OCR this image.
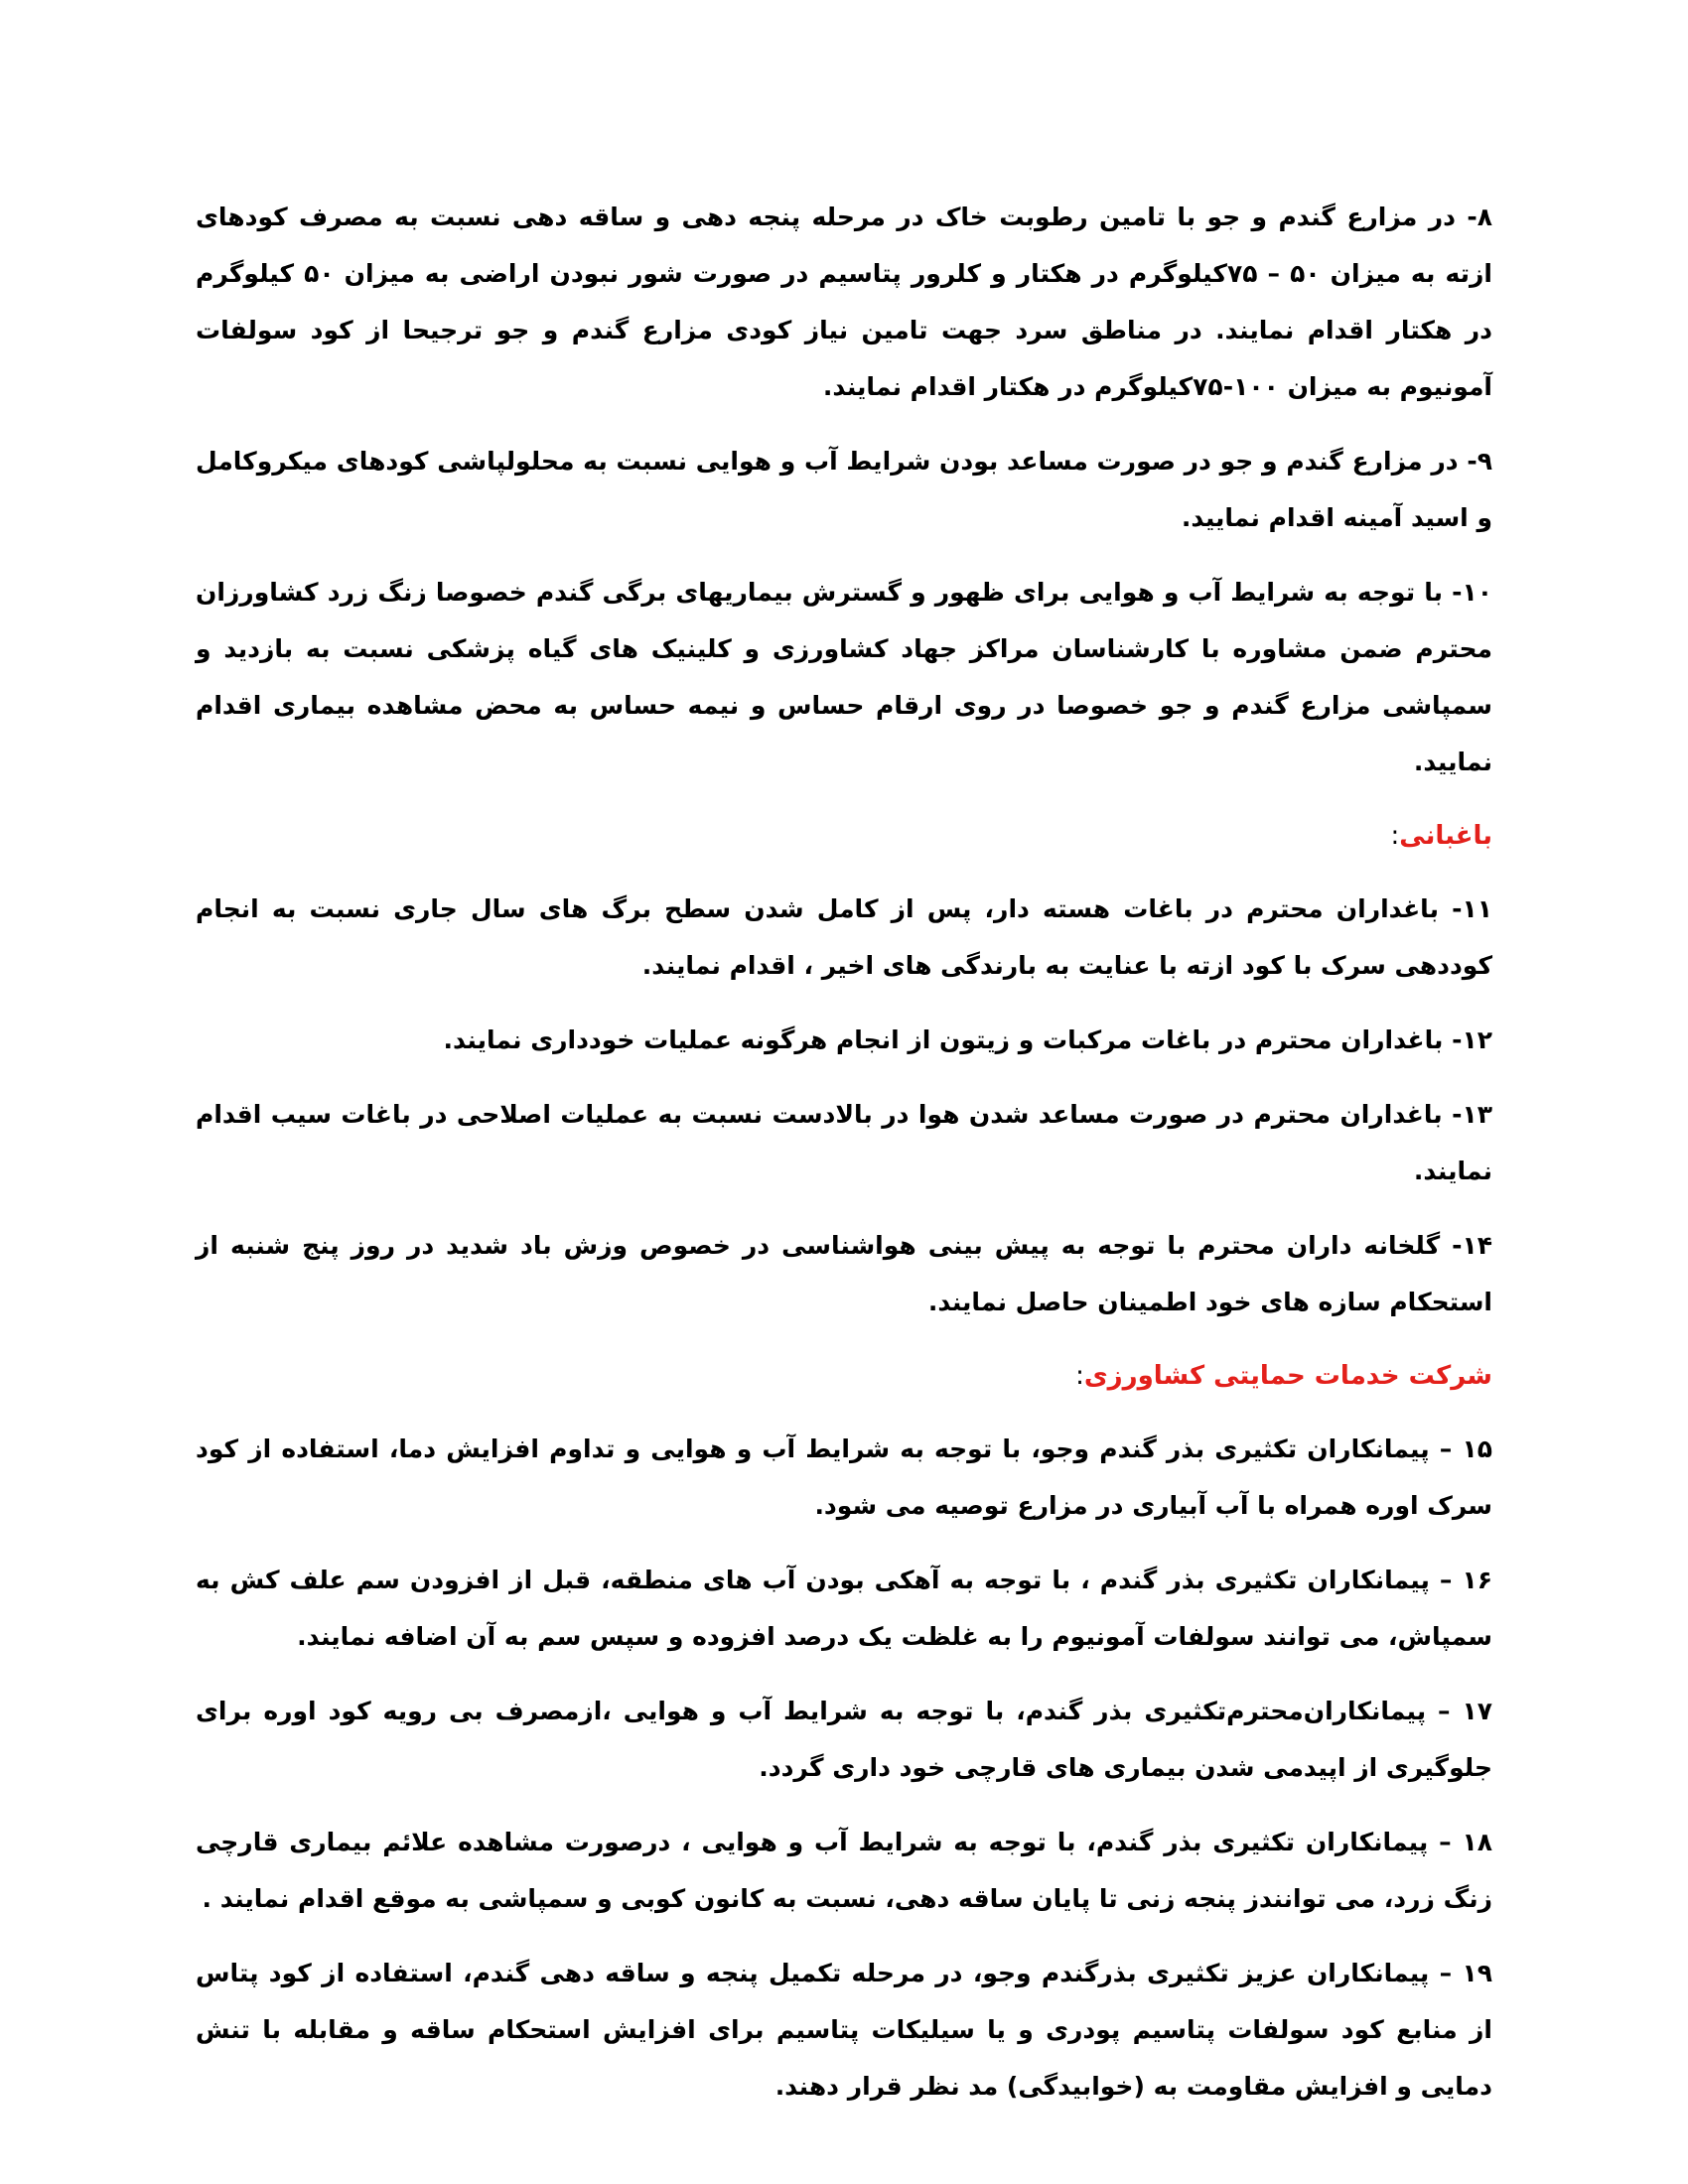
۸- در مزارع گندم و جو با تامین رطوبت خاک در مرحله پنجه دهی و ساقه دهی نسبت به مصرف کودهای ازته به میزان ۵۰ – ۷۵کیلوگرم در هکتار و کلرور پتاسیم در صورت شور نبودن اراضی به میزان ۵۰ کیلوگرم در هکتار اقدام نمایند. در مناطق سرد جهت تامین نیاز کودی مزارع گندم و جو ترجیحا از کود سولفات آمونیوم به میزان ۱۰۰-۷۵کیلوگرم در هکتار اقدام نمایند.

۹- در مزارع گندم و جو در صورت مساعد بودن شرایط آب و هوایی نسبت به محلولپاشی کودهای میکروکامل و اسید آمینه اقدام نمایید.

۱۰- با توجه به شرایط آب و هوایی برای ظهور و گسترش بیماریهای برگی گندم خصوصا زنگ زرد کشاورزان محترم ضمن مشاوره با کارشناسان مراکز جهاد کشاورزی و کلینیک های گیاه پزشکی نسبت به بازدید و سمپاشی مزارع گندم و جو خصوصا در روی ارقام حساس و نیمه حساس به محض مشاهده بیماری اقدام نمایید.

باغبانی:

۱۱- باغداران محترم در باغات هسته دار، پس از کامل شدن سطح برگ های سال جاری نسبت به انجام کوددهی سرک با کود ازته با عنایت به بارندگی های اخیر ، اقدام نمایند.

۱۲- باغداران محترم در باغات مرکبات و زیتون از انجام هرگونه عملیات خودداری نمایند.

۱۳- باغداران محترم در صورت مساعد شدن هوا در بالادست نسبت به عملیات اصلاحی در باغات سیب اقدام نمایند.

۱۴- گلخانه داران محترم با توجه به پیش بینی هواشناسی در خصوص وزش باد شدید در روز پنج شنبه از استحکام سازه های خود اطمینان حاصل نمایند.

شرکت خدمات حمایتی کشاورزی:

۱۵ – پیمانکاران تکثیری بذر گندم وجو، با توجه به شرایط آب و هوایی و تداوم افزایش دما، استفاده از کود سرک اوره همراه با آب آبیاری در مزارع توصیه می شود.

۱۶ – پیمانکاران تکثیری بذر گندم ، با توجه به آهکی بودن آب های منطقه، قبل از افزودن سم علف کش به سمپاش، می توانند سولفات آمونیوم را به غلظت یک درصد افزوده و سپس سم به آن اضافه نمایند.

۱۷ – پیمانکاران‌محترم‌تکثیری بذر گندم، با توجه به شرایط آب و هوایی ،ازمصرف بی رویه کود اوره برای جلوگیری از اپیدمی شدن بیماری های قارچی خود داری گردد.

۱۸ – پیمانکاران تکثیری بذر گندم، با توجه به شرایط آب و هوایی ، درصورت مشاهده علائم بیماری قارچی زنگ زرد، می توانندز پنجه زنی تا پایان ساقه دهی، نسبت به کانون کوبی و سمپاشی به موقع اقدام نمایند .

۱۹ – پیمانکاران عزیز تکثیری بذرگندم وجو، در مرحله تکمیل پنجه و ساقه دهی گندم، استفاده از کود پتاس از منابع کود سولفات پتاسیم پودری و یا سیلیکات پتاسیم برای افزایش استحکام ساقه و مقابله با تنش دمایی و افزایش مقاومت به (خوابیدگی) مد نظر قرار دهند.
